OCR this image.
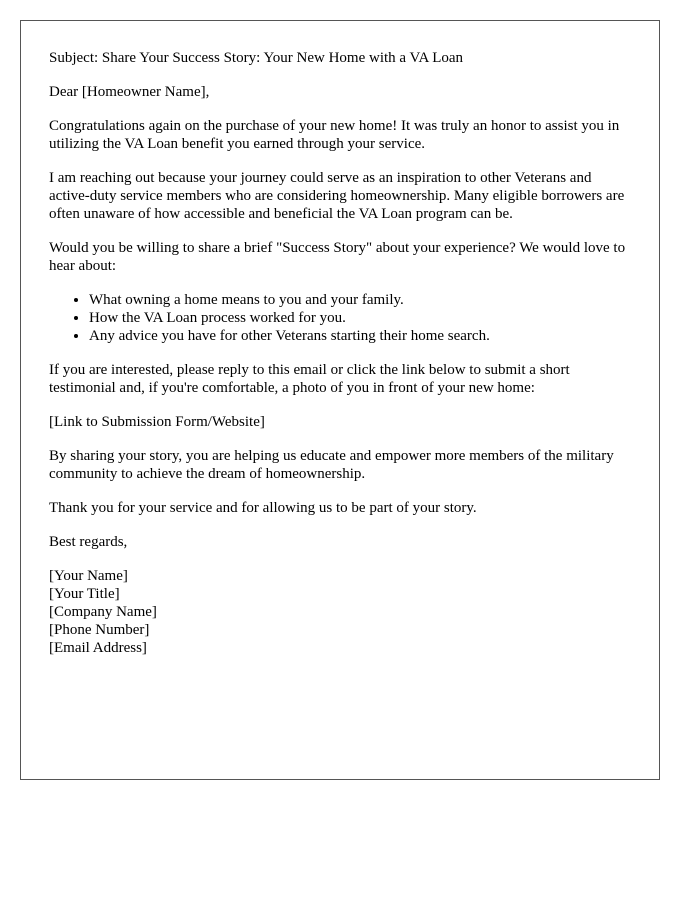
Subject: Share Your Success Story: Your New Home with a VA Loan

Dear [Homeowner Name],

Congratulations again on the purchase of your new home! It was truly an honor to assist you in utilizing the VA Loan benefit you earned through your service.

I am reaching out because your journey could serve as an inspiration to other Veterans and active-duty service members who are considering homeownership. Many eligible borrowers are often unaware of how accessible and beneficial the VA Loan program can be.

Would you be willing to share a brief "Success Story" about your experience? We would love to hear about:

• What owning a home means to you and your family.
• How the VA Loan process worked for you.
• Any advice you have for other Veterans starting their home search.

If you are interested, please reply to this email or click the link below to submit a short testimonial and, if you're comfortable, a photo of you in front of your new home:

[Link to Submission Form/Website]

By sharing your story, you are helping us educate and empower more members of the military community to achieve the dream of homeownership.

Thank you for your service and for allowing us to be part of your story.

Best regards,

[Your Name]
[Your Title]
[Company Name]
[Phone Number]
[Email Address]
